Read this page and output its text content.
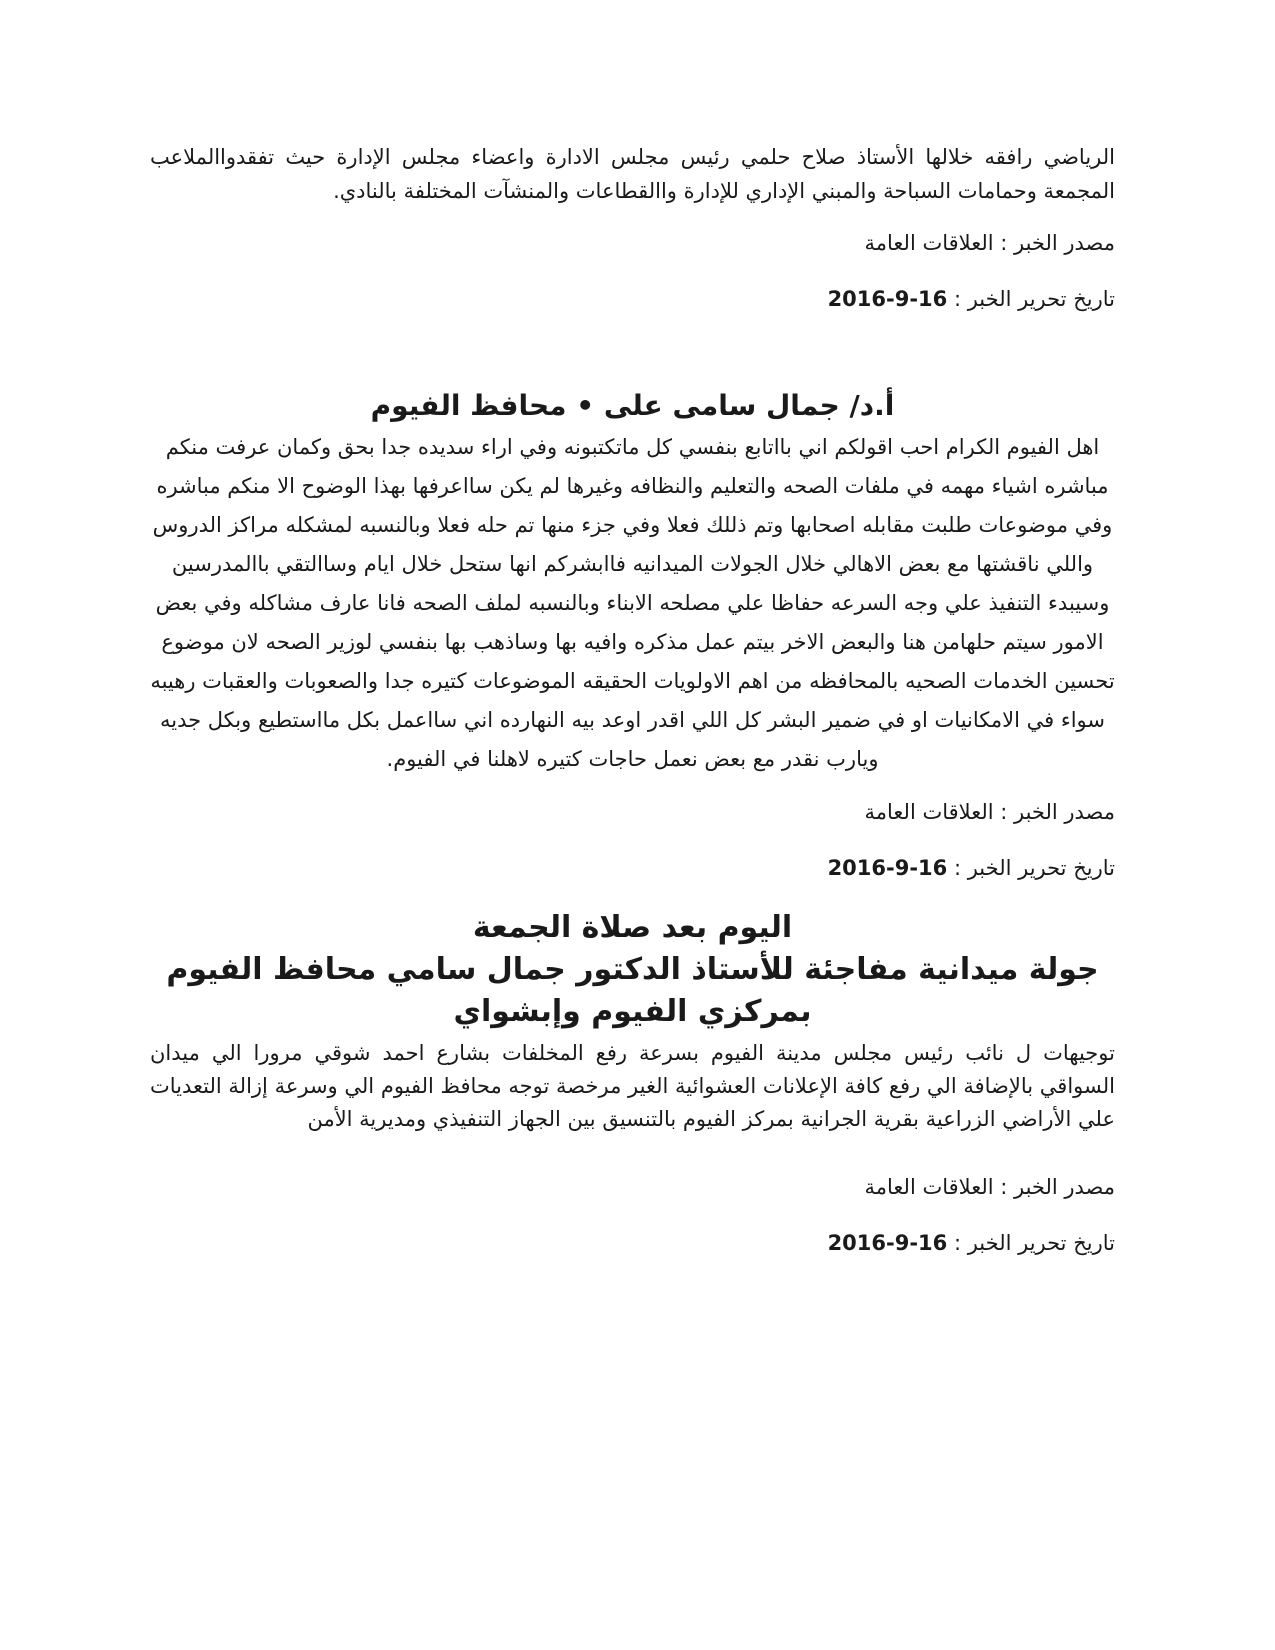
الرياضي رافقه خلالها الأستاذ صلاح حلمي رئيس مجلس الادارة واعضاء مجلس الإدارة حيث تفقدواالملاعب المجمعة وحمامات السباحة والمبني الإداري للإدارة واالقطاعات والمنشآت المختلفة بالنادي.

مصدر الخبر : العلاقات العامة

تاريخ تحرير الخبر : 2016-9-16

أ.د/ جمال سامى على • محافظ الفيوم

اهل الفيوم الكرام احب اقولكم اني بااتابع بنفسي كل ماتكتبونه وفي اراء سديده جدا بحق وكمان عرفت منكم مباشره اشياء مهمه في ملفات الصحه والتعليم والنظافه وغيرها لم يكن سااعرفها بهذا الوضوح الا منكم مباشره وفي موضوعات طلبت مقابله اصحابها وتم ذللك فعلا وفي جزء منها تم حله فعلا وبالنسبه لمشكله مراكز الدروس واللي ناقشتها مع بعض الاهالي خلال الجولات الميدانيه فاابشركم انها ستحل خلال ايام وساالتقي باالمدرسين وسيبدء التنفيذ علي وجه السرعه حفاظا علي مصلحه الابناء وبالنسبه لملف الصحه فانا عارف مشاكله وفي بعض الامور سيتم حلهامن هنا والبعض الاخر بيتم عمل مذكره وافيه بها وساذهب بها بنفسي لوزير الصحه لان موضوع تحسين الخدمات الصحيه بالمحافظه من اهم الاولويات الحقيقه الموضوعات كتيره جدا والصعوبات والعقبات رهيبه سواء في الامكانيات او في ضمير البشر كل اللي اقدر اوعد بيه النهارده اني سااعمل بكل مااستطيع وبكل جديه ويارب نقدر مع بعض نعمل حاجات كتيره لاهلنا في الفيوم.

مصدر الخبر : العلاقات العامة

تاريخ تحرير الخبر : 2016-9-16

اليوم بعد صلاة الجمعة
جولة ميدانية مفاجئة للأستاذ الدكتور جمال سامي محافظ الفيوم بمركزي الفيوم وإبشواي

توجيهات ل نائب رئيس مجلس مدينة الفيوم بسرعة رفع المخلفات بشارع احمد شوقي مرورا الي ميدان السواقي بالإضافة الي رفع كافة الإعلانات العشوائية الغير مرخصة توجه محافظ الفيوم الي وسرعة إزالة التعديات علي الأراضي الزراعية بقرية الجرانية بمركز الفيوم بالتنسيق بين الجهاز التنفيذي ومديرية الأمن

مصدر الخبر : العلاقات العامة

تاريخ تحرير الخبر : 2016-9-16
